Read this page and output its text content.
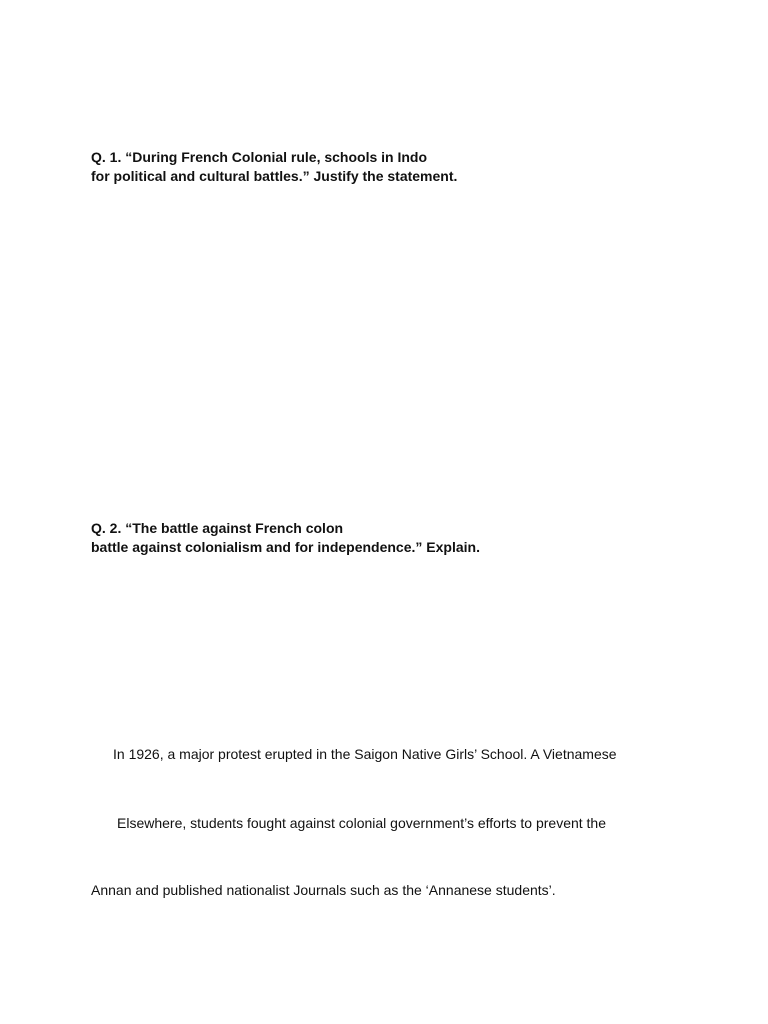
Q. 1. “During French Colonial rule, schools in Indo
for political and cultural battles.” Justify the statement.
Q. 2. “The battle against French colon
battle against colonialism and for independence.” Explain.

In 1926, a major protest erupted in the Saigon Native Girls’ School. A Vietnamese

Elsewhere, students fought against colonial government’s efforts to prevent the

Annan and published nationalist Journals such as the ‘Annanese students’.
